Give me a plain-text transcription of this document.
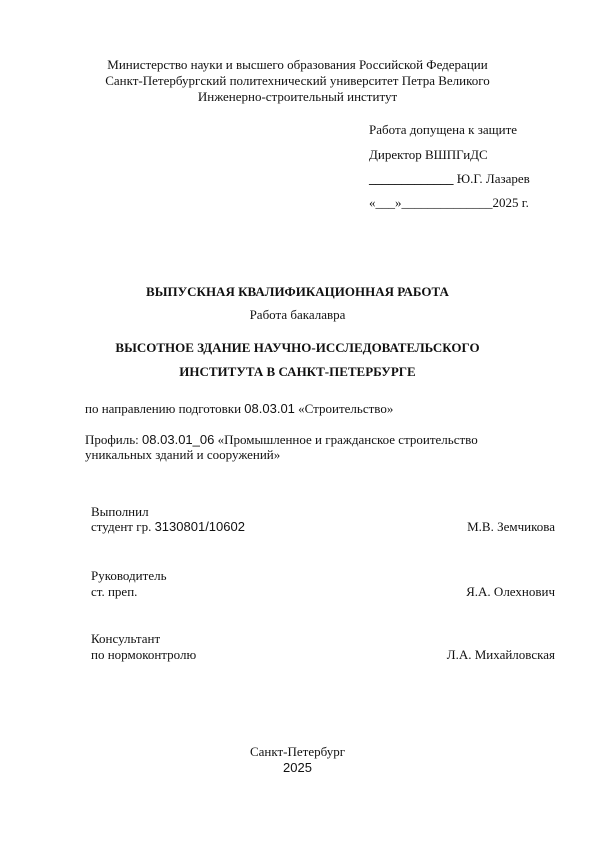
Министерство науки и высшего образования Российской Федерации
Санкт-Петербургский политехнический университет Петра Великого
Инженерно-строительный институт
Работа допущена к защите
Директор ВШПГиДС
_____________ Ю.Г. Лазарев
«___»______________2025 г.
ВЫПУСКНАЯ КВАЛИФИКАЦИОННАЯ РАБОТА
Работа бакалавра
ВЫСОТНОЕ ЗДАНИЕ НАУЧНО-ИССЛЕДОВАТЕЛЬСКОГО
ИНСТИТУТА В САНКТ-ПЕТЕРБУРГЕ
по направлению подготовки 08.03.01 «Строительство»
Профиль: 08.03.01_06 «Промышленное и гражданское строительство
уникальных зданий и сооружений»
Выполнил
студент гр. 3130801/10602	М.В. Земчикова
Руководитель
ст. преп.	Я.А. Олехнович
Консультант
по нормоконтролю	Л.А. Михайловская
Санкт-Петербург
2025
